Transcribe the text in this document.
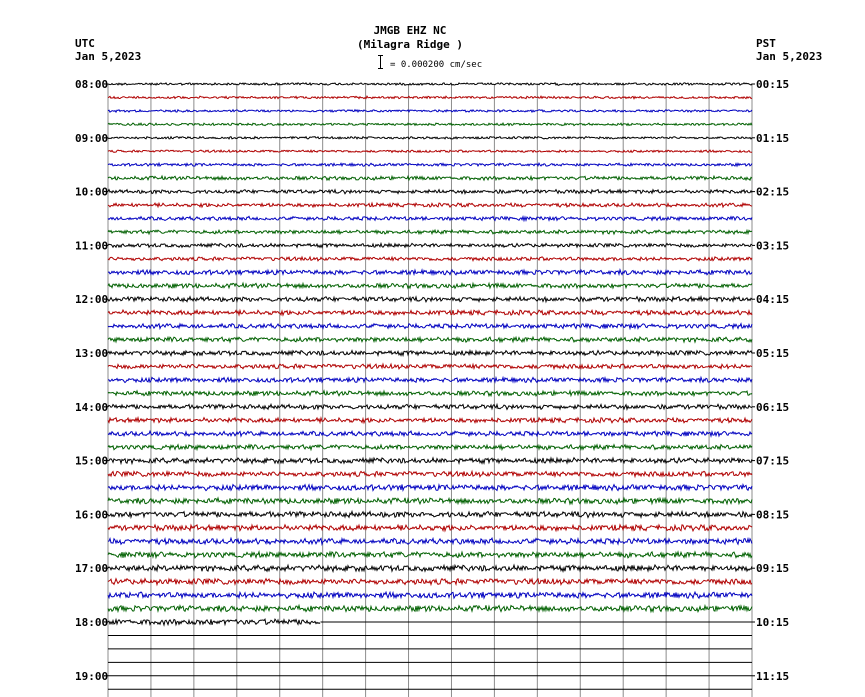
JMGB EHZ NC
(Milagra Ridge )
= 0.000200 cm/sec
UTC
Jan 5,2023
PST
Jan 5,2023
08:00	00:15
09:00	01:15
10:00	02:15
11:00	03:15
12:00	04:15
13:00	05:15
14:00	06:15
15:00	07:15
16:00	08:15
17:00	09:15
18:00	10:15
19:00	11:15
